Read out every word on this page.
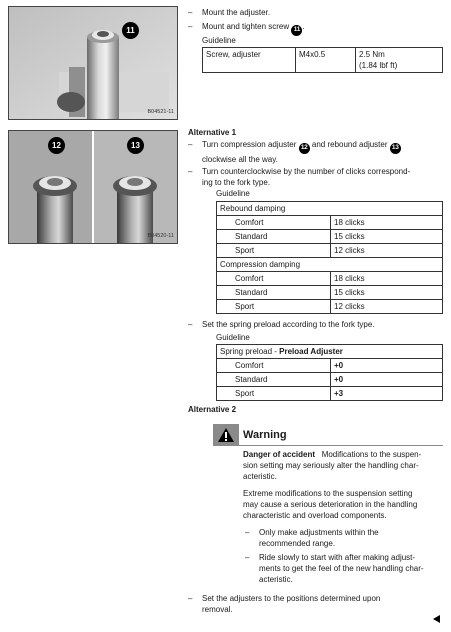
11
B04521-11
12	13
B04520-11
– Mount the adjuster.
– Mount and tighten screw 11 .
Guideline
Screw, adjuster	M4x0.5	2.5 Nm
(1.84 lbf ft)
Alternative 1
– Turn compression adjuster 12 and rebound adjuster 13
clockwise all the way.
– Turn counterclockwise by the number of clicks correspond-
ing to the fork type.
Guideline
Rebound damping	
Comfort	18 clicks
Standard	15 clicks
Sport	12 clicks
Compression damping	
Comfort	18 clicks
Standard	15 clicks
Sport	12 clicks
– Set the spring preload according to the fork type.
Guideline
Spring preload - Preload Adjuster	
Comfort	+0
Standard	+0
Sport	+3
Alternative 2
Warning
Danger of accident Modifications to the suspen-
sion setting may seriously alter the handling char-
acteristic.
Extreme modifications to the suspension setting
may cause a serious deterioration in the handling
characteristic and overload components.
– Only make adjustments within the
recommended range.
– Ride slowly to start with after making adjust-
ments to get the feel of the new handling char-
acteristic.
– Set the adjusters to the positions determined upon
removal.
